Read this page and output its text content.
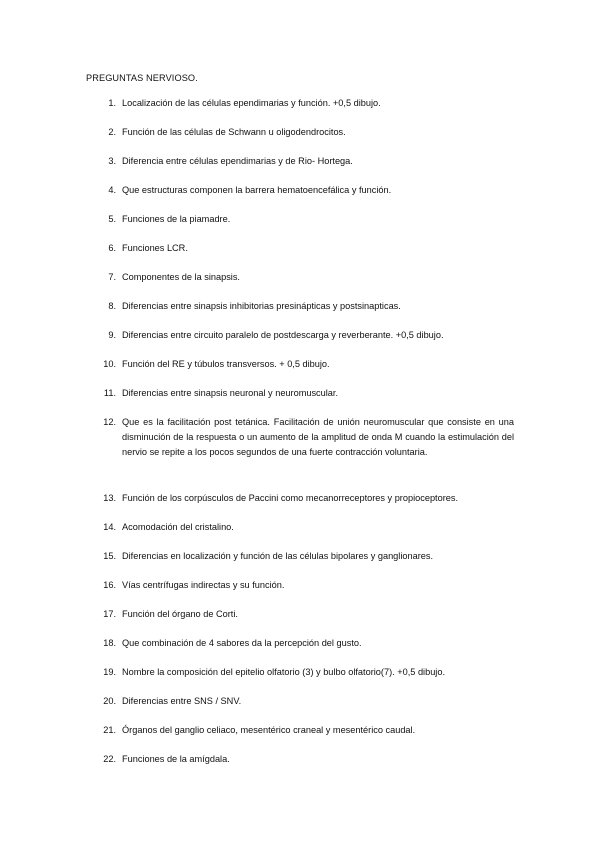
PREGUNTAS NERVIOSO.
1. Localización de las células ependimarias y función. +0,5 dibujo.
2. Función de las células de Schwann u oligodendrocitos.
3. Diferencia entre células ependimarias y de Rio- Hortega.
4. Que estructuras componen la barrera hematoencefálica y función.
5. Funciones de la piamadre.
6. Funciones LCR.
7. Componentes de la sinapsis.
8. Diferencias entre sinapsis inhibitorias presinápticas y postsinapticas.
9. Diferencias entre circuito paralelo de postdescarga y reverberante. +0,5 dibujo.
10. Función del RE y túbulos transversos. + 0,5 dibujo.
11. Diferencias entre sinapsis neuronal y neuromuscular.
12. Que es la facilitación post tetánica. Facilitación de unión neuromuscular que consiste en una disminución de la respuesta o un aumento de la amplitud de onda M cuando la estimulación del nervio se repite a los pocos segundos de una fuerte contracción voluntaria.
13. Función de los corpúsculos de Paccini como mecanorreceptores y propioceptores.
14. Acomodación del cristalino.
15. Diferencias en localización y función de las células bipolares y ganglionares.
16. Vías centrífugas indirectas y su función.
17. Función del órgano de Corti.
18. Que combinación de 4 sabores da la percepción del gusto.
19. Nombre la composición del epitelio olfatorio (3) y bulbo olfatorio(7). +0,5 dibujo.
20. Diferencias entre SNS / SNV.
21. Órganos del ganglio celiaco, mesentérico craneal y mesentérico caudal.
22. Funciones de la amígdala.
